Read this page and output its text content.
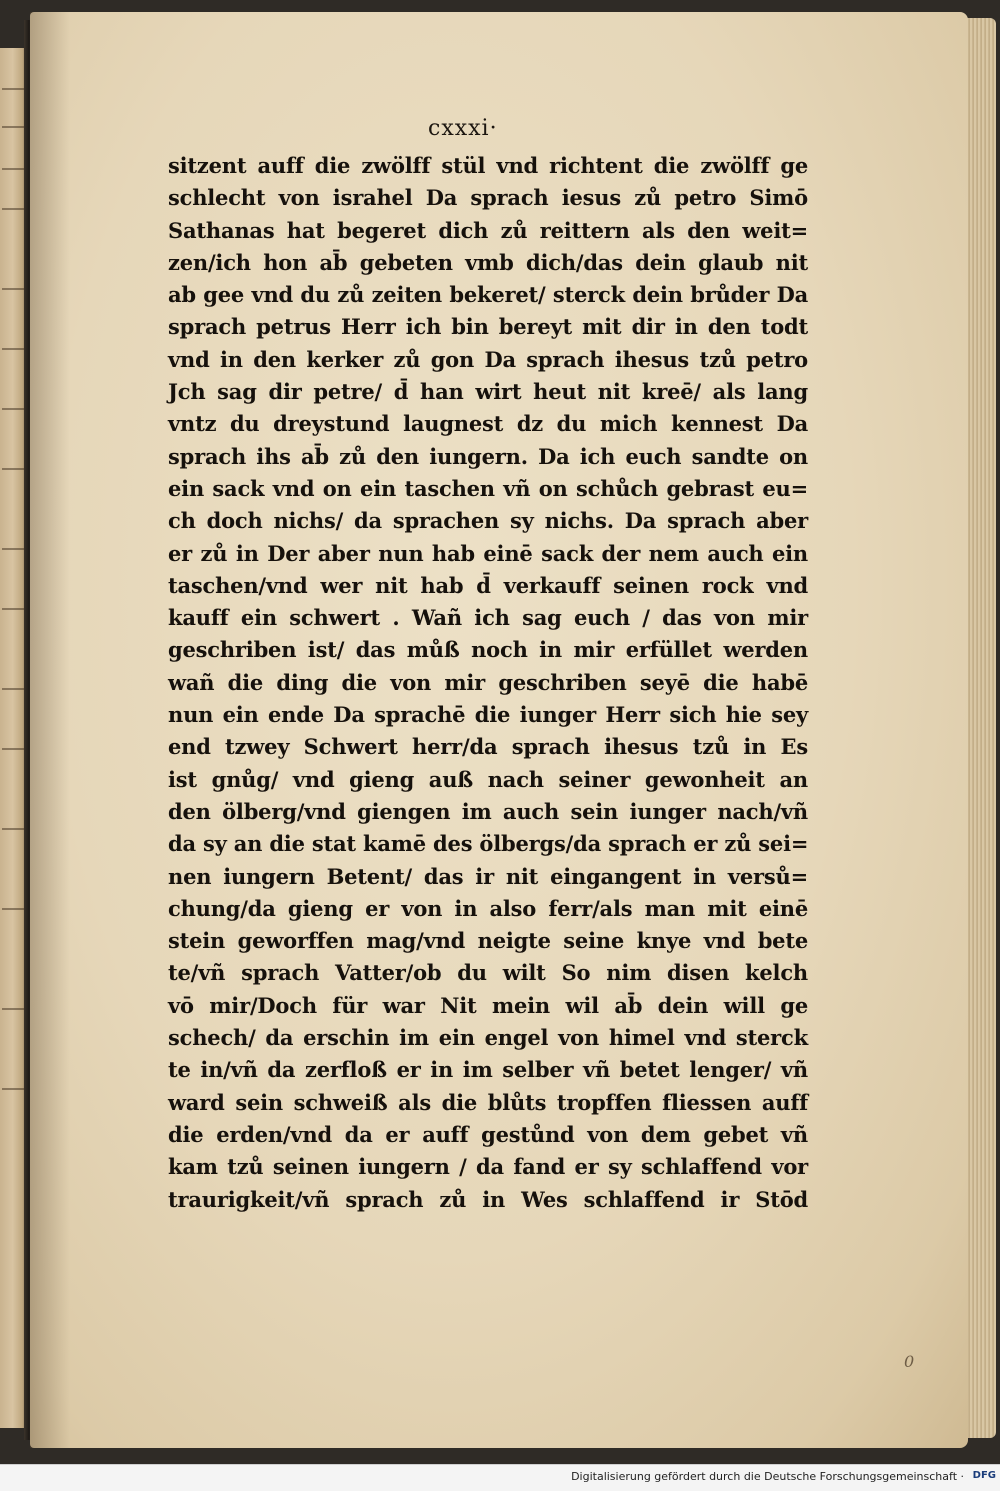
cxxxi·
sitzent auff die zwölff stül vnd richtent die zwölff ge
schlecht von israhel Da sprach iesus zů petro Simō
Sathanas hat begeret dich zů reittern als den weit=
zen/ich hon ab̄ gebeten vmb dich/das dein glaub nit
ab gee vnd du zů zeiten bekeret/ sterck dein brůder Da
sprach petrus Herr ich bin bereyt mit dir in den todt
vnd in den kerker zů gon Da sprach ihesus tzů petro
Jch sag dir petre/ d̄ han wirt heut nit kreē/ als lang
vntz du dreystund laugnest dz du mich kennest Da
sprach ihs ab̄ zů den iungern. Da ich euch sandte on
ein sack vnd on ein taschen vñ on schůch gebrast eu=
ch doch nichs/ da sprachen sy nichs. Da sprach aber
er zů in Der aber nun hab einē sack der nem auch ein
taschen/vnd wer nit hab d̄ verkauff seinen rock vnd
kauff ein schwert . Wañ ich sag euch / das von mir
geschriben ist/ das můß noch in mir erfüllet werden
wañ die ding die von mir geschriben seyē die habē
nun ein ende Da sprachē die iunger Herr sich hie sey
end tzwey Schwert herr/da sprach ihesus tzů in Es
ist gnůg/ vnd gieng auß nach seiner gewonheit an
den ölberg/vnd giengen im auch sein iunger nach/vñ
da sy an die stat kamē des ölbergs/da sprach er zů sei=
nen iungern Betent/ das ir nit eingangent in versů=
chung/da gieng er von in also ferr/als man mit einē
stein geworffen mag/vnd neigte seine knye vnd bete
te/vñ sprach Vatter/ob du wilt So nim disen kelch
vō mir/Doch für war Nit mein wil ab̄ dein will ge
schech/ da erschin im ein engel von himel vnd sterck
te in/vñ da zerfloß er in im selber vñ betet lenger/ vñ
ward sein schweiß als die blůts tropffen fliessen auff
die erden/vnd da er auff gestůnd von dem gebet vñ
kam tzů seinen iungern / da fand er sy schlaffend vor
traurigkeit/vñ sprach zů in Wes schlaffend ir Stōd
0
Digitalisierung gefördert durch die Deutsche Forschungsgemeinschaft · DFG
